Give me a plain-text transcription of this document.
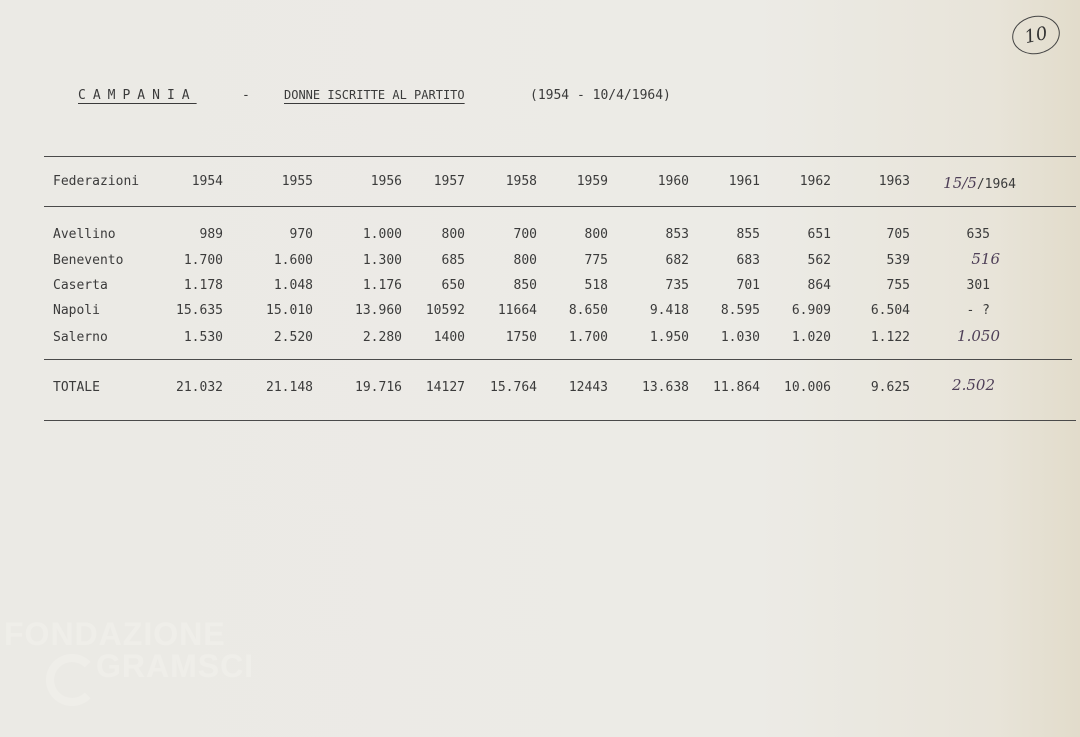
10
CAMPANIA	-	DONNE ISCRITTE AL PARTITO	(1954 - 10/4/1964)
Federazioni	1954	1955	1956 1957	1958	1959	1960	1961	1962	1963 15/5/1964
Avellino	989	970	1.000	800	700	800	853	855	651	705	635
Benevento	1.700	1.600	1.300	685	800	775	682	683	562	539	516
Caserta	1.178	1.048	1.176	650	850	518	735	701	864	755	301
Napoli	15.635	15.010	13.960 10592	11664 8.650	9.418 8.595 6.909	6.504	- ?
Salerno	1.530	2.520	2.280 1400	1750 1.700	1.950 1.030 1.020	1.122	1.050
TOTALE	21.032	21.148	19.716 14127 15.764 12443	13.638 11.864 10.006	9.625	2.502
FONDAZIONE
GRAMSCI
